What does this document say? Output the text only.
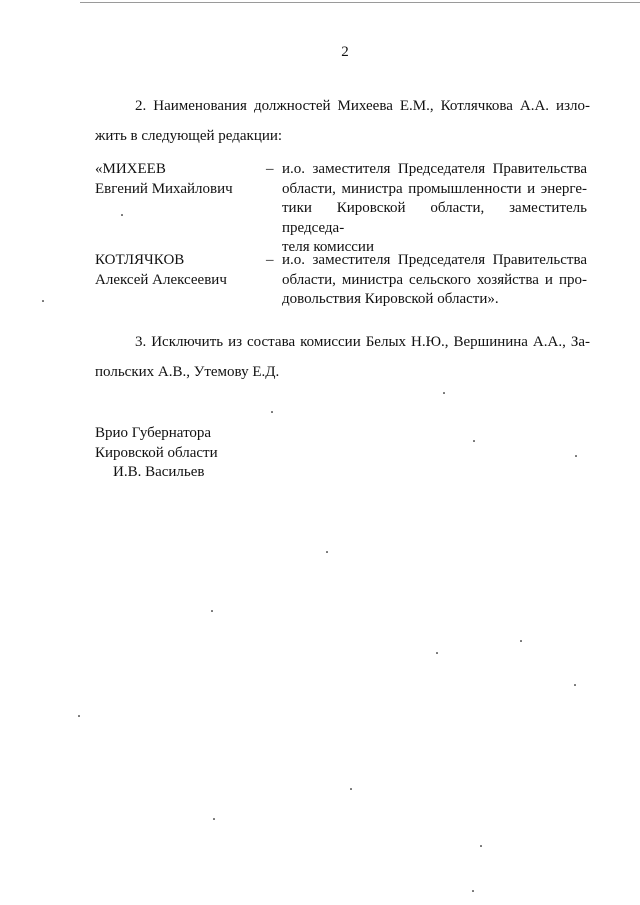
2
2. Наименования должностей Михеева Е.М., Котлячкова А.А. изло-
жить в следующей редакции:
«МИХЕЕВ
Евгений Михайлович
– и.о. заместителя Председателя Правительства
области, министра промышленности и энерге-
тики Кировской области, заместитель председа-
теля комиссии
КОТЛЯЧКОВ
Алексей Алексеевич
– и.о. заместителя Председателя Правительства
области, министра сельского хозяйства и про-
довольствия Кировской области».
3. Исключить из состава комиссии Белых Н.Ю., Вершинина А.А., За-
польских А.В., Утемову Е.Д.
Врио Губернатора
Кировской области
И.В. Васильев
